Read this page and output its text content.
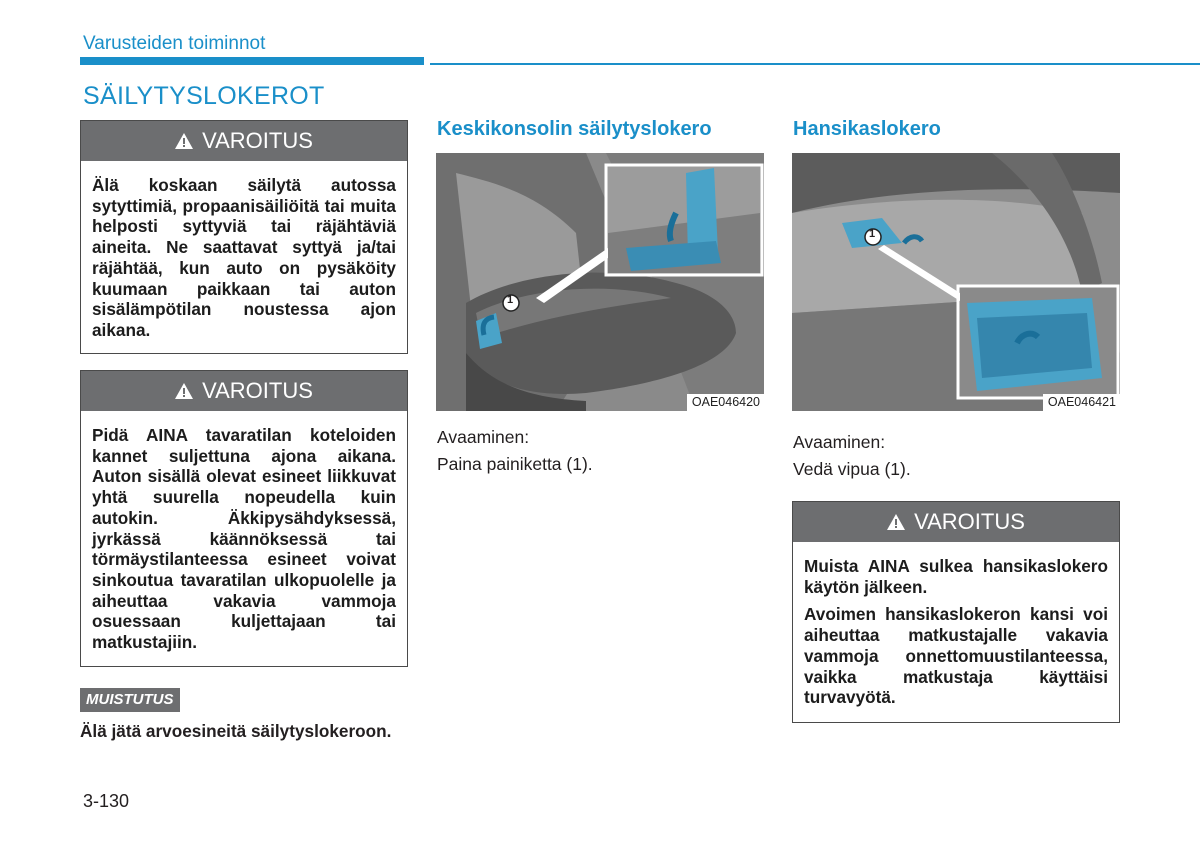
Varusteiden toiminnot
SÄILYTYSLOKEROT
VAROITUS

Älä koskaan säilytä autossa sytyttimiä, propaanisäiliöitä tai muita helposti syttyviä tai räjähtäviä aineita. Ne saattavat syttyä ja/tai räjähtää, kun auto on pysäköity kuumaan paikkaan tai auton sisälämpötilan noustessa ajon aikana.

VAROITUS

Pidä AINA tavaratilan koteloiden kannet suljettuna ajona aikana. Auton sisällä olevat esineet liikkuvat yhtä suurella nopeudella kuin autokin. Äkkipysähdyksessä, jyrkässä käännöksessä tai törmäystilanteessa esineet voivat sinkoutua tavaratilan ulkopuolelle ja aiheuttaa vakavia vammoja osuessaan kuljettajaan tai matkustajiin.

MUISTUTUS
Älä jätä arvoesineitä säilytyslokeroon.
Keskikonsolin säilytyslokero
1
OAE046420
Avaaminen:
Paina painiketta (1).
Hansikaslokero
1
OAE046421
Avaaminen:
Vedä vipua (1).
VAROITUS

Muista AINA sulkea hansikaslokero käytön jälkeen.

Avoimen hansikaslokeron kansi voi aiheuttaa matkustajalle vakavia vammoja onnettomuustilanteessa, vaikka matkustaja käyttäisi turvavyötä.

3-130
